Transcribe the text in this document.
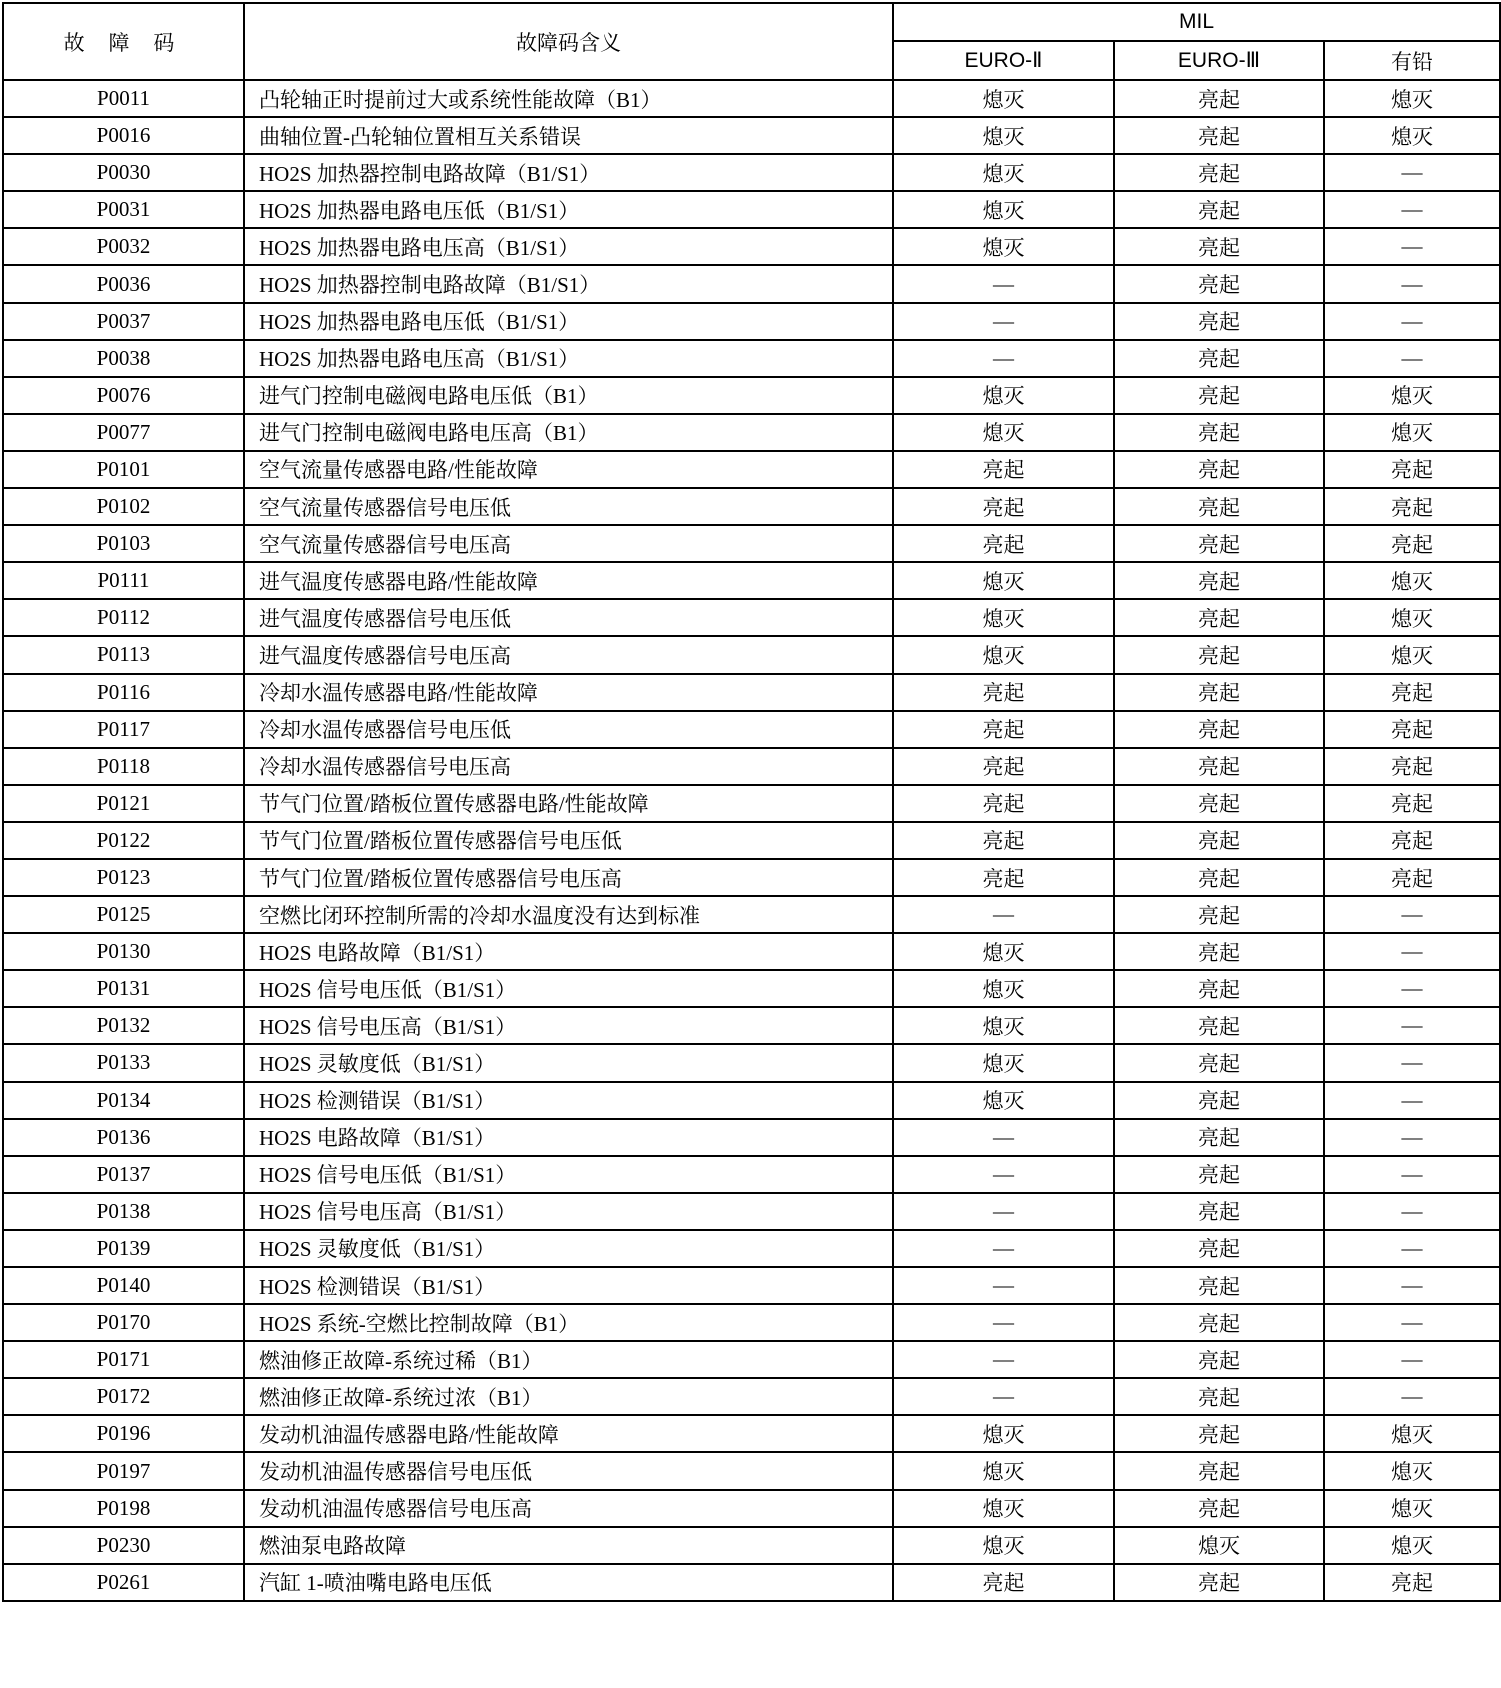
故 障 码	故障码含义	MIL		
		EURO-Ⅱ	EURO-Ⅲ	有铅
P0011	凸轮轴正时提前过大或系统性能故障（B1）	熄灭	亮起	熄灭
P0016	曲轴位置-凸轮轴位置相互关系错误	熄灭	亮起	熄灭
P0030	HO2S 加热器控制电路故障（B1/S1）	熄灭	亮起	—
P0031	HO2S 加热器电路电压低（B1/S1）	熄灭	亮起	—
P0032	HO2S 加热器电路电压高（B1/S1）	熄灭	亮起	—
P0036	HO2S 加热器控制电路故障（B1/S1）	—	亮起	—
P0037	HO2S 加热器电路电压低（B1/S1）	—	亮起	—
P0038	HO2S 加热器电路电压高（B1/S1）	—	亮起	—
P0076	进气门控制电磁阀电路电压低（B1）	熄灭	亮起	熄灭
P0077	进气门控制电磁阀电路电压高（B1）	熄灭	亮起	熄灭
P0101	空气流量传感器电路/性能故障	亮起	亮起	亮起
P0102	空气流量传感器信号电压低	亮起	亮起	亮起
P0103	空气流量传感器信号电压高	亮起	亮起	亮起
P0111	进气温度传感器电路/性能故障	熄灭	亮起	熄灭
P0112	进气温度传感器信号电压低	熄灭	亮起	熄灭
P0113	进气温度传感器信号电压高	熄灭	亮起	熄灭
P0116	冷却水温传感器电路/性能故障	亮起	亮起	亮起
P0117	冷却水温传感器信号电压低	亮起	亮起	亮起
P0118	冷却水温传感器信号电压高	亮起	亮起	亮起
P0121	节气门位置/踏板位置传感器电路/性能故障	亮起	亮起	亮起
P0122	节气门位置/踏板位置传感器信号电压低	亮起	亮起	亮起
P0123	节气门位置/踏板位置传感器信号电压高	亮起	亮起	亮起
P0125	空燃比闭环控制所需的冷却水温度没有达到标准	—	亮起	—
P0130	HO2S 电路故障（B1/S1）	熄灭	亮起	—
P0131	HO2S 信号电压低（B1/S1）	熄灭	亮起	—
P0132	HO2S 信号电压高（B1/S1）	熄灭	亮起	—
P0133	HO2S 灵敏度低（B1/S1）	熄灭	亮起	—
P0134	HO2S 检测错误（B1/S1）	熄灭	亮起	—
P0136	HO2S 电路故障（B1/S1）	—	亮起	—
P0137	HO2S 信号电压低（B1/S1）	—	亮起	—
P0138	HO2S 信号电压高（B1/S1）	—	亮起	—
P0139	HO2S 灵敏度低（B1/S1）	—	亮起	—
P0140	HO2S 检测错误（B1/S1）	—	亮起	—
P0170	HO2S 系统-空燃比控制故障（B1）	—	亮起	—
P0171	燃油修正故障-系统过稀（B1）	—	亮起	—
P0172	燃油修正故障-系统过浓（B1）	—	亮起	—
P0196	发动机油温传感器电路/性能故障	熄灭	亮起	熄灭
P0197	发动机油温传感器信号电压低	熄灭	亮起	熄灭
P0198	发动机油温传感器信号电压高	熄灭	亮起	熄灭
P0230	燃油泵电路故障	熄灭	熄灭	熄灭
P0261	汽缸 1-喷油嘴电路电压低	亮起	亮起	亮起
